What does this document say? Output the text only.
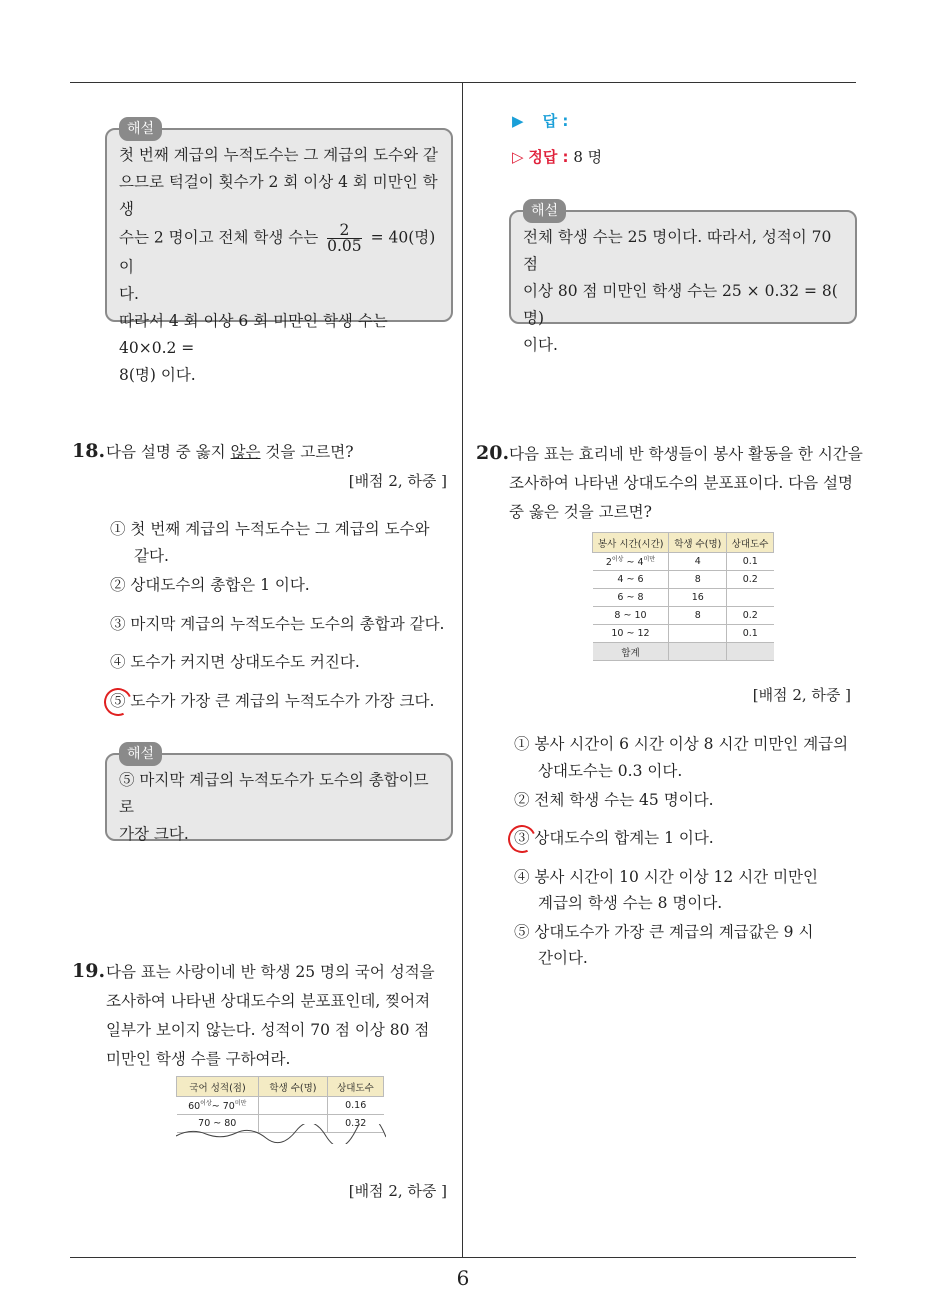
6
해설
첫 번째 계급의 누적도수는 그 계급의 도수와 같
으므로 턱걸이 횟수가 2 회 이상 4 회 미만인 학생
수는 2 명이고 전체 학생 수는 $\frac{2}{0.05} = 40$(명) 이
다.
따라서 4 회 이상 6 회 미만인 학생 수는 40×0.2 =
8(명) 이다.
18. 다음 설명 중 옳지 않은 것을 고르면?
[배점 2, 하중 ]
① 첫 번째 계급의 누적도수는 그 계급의 도수와
같다.
② 상대도수의 총합은 1 이다.
③ 마지막 계급의 누적도수는 도수의 총합과 같다.
④ 도수가 커지면 상대도수도 커진다.
⑤ 도수가 가장 큰 계급의 누적도수가 가장 크다.
해설
⑤ 마지막 계급의 누적도수가 도수의 총합이므로
가장 크다.
19. 다음 표는 사랑이네 반 학생 25 명의 국어 성적을
조사하여 나타낸 상대도수의 분포표인데, 찢어져
일부가 보이지 않는다. 성적이 70 점 이상 80 점
미만인 학생 수를 구하여라.
국어 성적(점)	학생 수(명)	상대도수
$60^{이상}\sim$ $70^{미만}$		0.16
70 ~ 80		0.32
[배점 2, 하중 ]
▶ 답 :
▷ 정답 : 8 명
해설
전체 학생 수는 25 명이다. 따라서, 성적이 70 점
이상 80 점 미만인 학생 수는 25 × 0.32 = 8( 명)
이다.
20. 다음 표는 효리네 반 학생들이 봉사 활동을 한 시간을
조사하여 나타낸 상대도수의 분포표이다. 다음 설명
중 옳은 것을 고르면?
봉사 시간(시간)	학생 수(명)	상대도수
$2^{이상}$ ~ $4^{미만}$	4	0.1
4 ~ 6	8	0.2
6 ~ 8	16	
8 ~ 10	8	0.2
10 ~ 12		0.1
합계		
[배점 2, 하중 ]
① 봉사 시간이 6 시간 이상 8 시간 미만인 계급의
상대도수는 0.3 이다.
② 전체 학생 수는 45 명이다.
③ 상대도수의 합계는 1 이다.
④ 봉사 시간이 10 시간 이상 12 시간 미만인
계급의 학생 수는 8 명이다.
⑤ 상대도수가 가장 큰 계급의 계급값은 9 시
간이다.
